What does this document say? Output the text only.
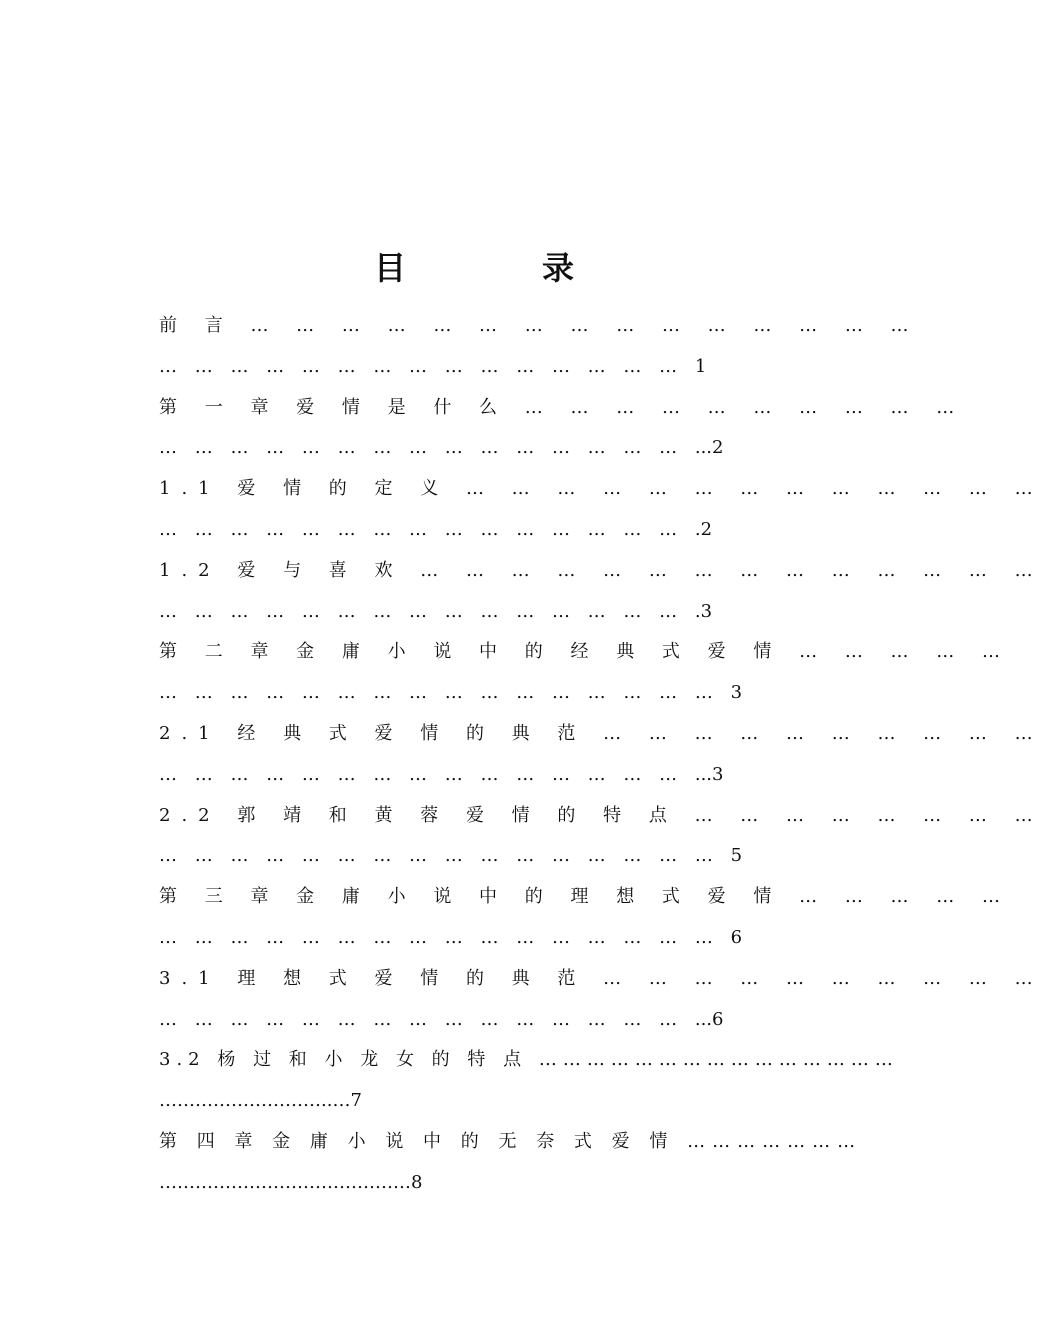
目　录
前 言 … … … … … … … … … … … … … … …
… … … … … … … … … … … … … … … 1
第 一 章 爱 情 是 什 么 … … … … … … … … … …
… … … … … … … … … … … … … … … ...2
1.1 爱 情 的 定 义 … … … … … … … … … … … … …
… … … … … … … … … … … … … … … .2
1.2 爱 与 喜 欢 … … … … … … … … … … … … … …
… … … … … … … … … … … … … … … .3
第 二 章 金 庸 小 说 中 的 经 典 式 爱 情 … … … … …
… … … … … … … … … … … … … … … … 3
2.1 经 典 式 爱 情 的 典 范 … … … … … … … … … …
… … … … … … … … … … … … … … … ...3
2.2 郭 靖 和 黄 蓉 爱 情 的 特 点 … … … … … … … …
… … … … … … … … … … … … … … … … 5
第 三 章 金 庸 小 说 中 的 理 想 式 爱 情 … … … … …
… … … … … … … … … … … … … … … … 6
3.1 理 想 式 爱 情 的 典 范 … … … … … … … … … …
… … … … … … … … … … … … … … … ...6
3.2 杨 过 和 小 龙 女 的 特 点 ………………………………………
………………………..…7
第 四 章 金 庸 小 说 中 的 无 奈 式 爱 情 …………………
……………………………………8
